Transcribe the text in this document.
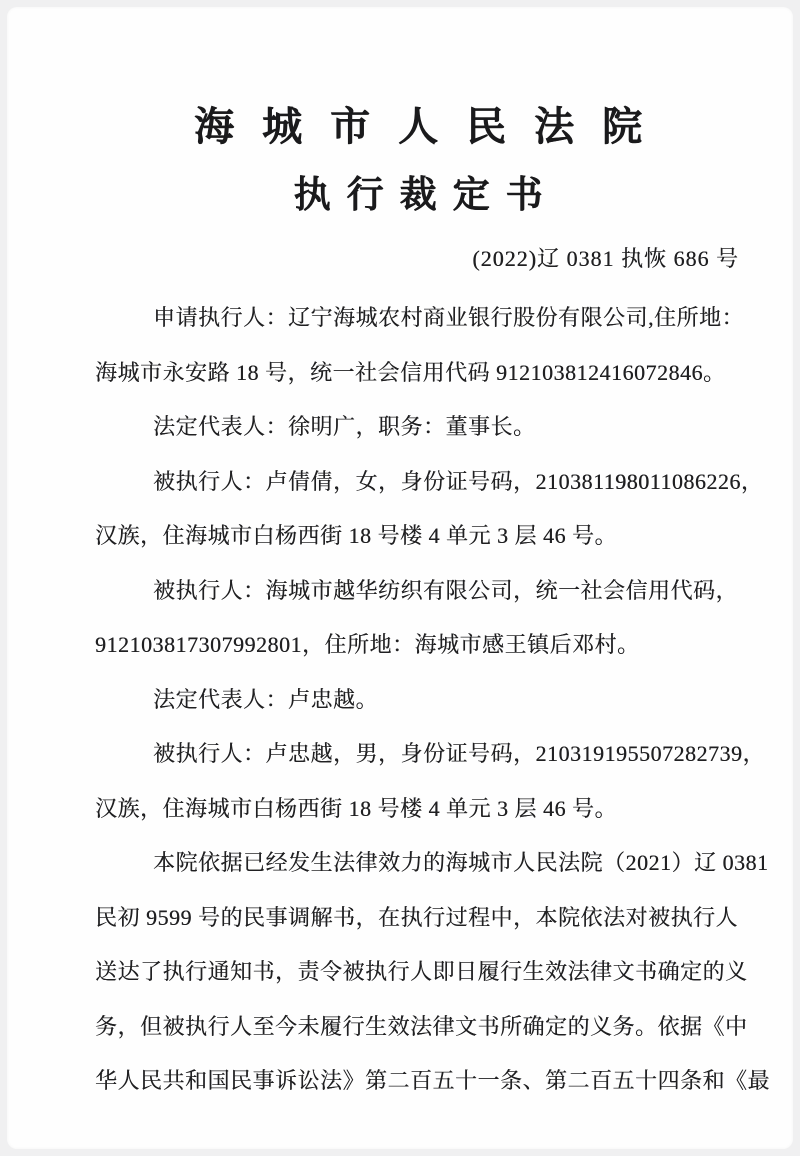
海城市人民法院
执行裁定书
(2022)辽 0381 执恢 686 号
申请执行人：辽宁海城农村商业银行股份有限公司,住所地：
海城市永安路 18 号，统一社会信用代码 912103812416072846。
法定代表人：徐明广，职务：董事长。
被执行人：卢倩倩，女，身份证号码，210381198011086226，
汉族，住海城市白杨西街 18 号楼 4 单元 3 层 46 号。
被执行人：海城市越华纺织有限公司，统一社会信用代码，
912103817307992801，住所地：海城市感王镇后邓村。
法定代表人：卢忠越。
被执行人：卢忠越，男，身份证号码，210319195507282739，
汉族，住海城市白杨西街 18 号楼 4 单元 3 层 46 号。
本院依据已经发生法律效力的海城市人民法院（2021）辽 0381
民初 9599 号的民事调解书，在执行过程中，本院依法对被执行人
送达了执行通知书，责令被执行人即日履行生效法律文书确定的义
务，但被执行人至今未履行生效法律文书所确定的义务。依据《中
华人民共和国民事诉讼法》第二百五十一条、第二百五十四条和《最
